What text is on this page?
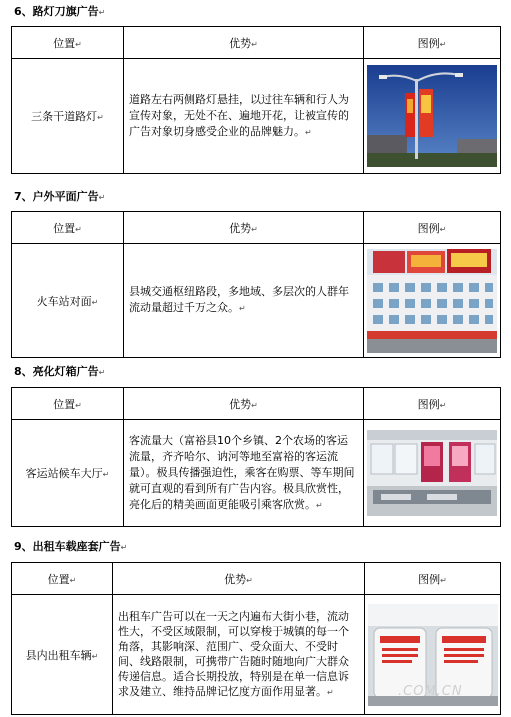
6、路灯刀旗广告↵
位置↵	优势↵	图例↵
三条干道路灯↵	道路左右两侧路灯悬挂，以过往车辆和行人为宣传对象，无处不在、遍地开花，让被宣传的广告对象切身感受企业的品牌魅力。↵	
7、户外平面广告↵
位置↵	优势↵	图例↵
火车站对面↵	县城交通枢纽路段，多地域、多层次的人群年流动量超过千万之众。↵	
8、亮化灯箱广告↵
位置↵	优势↵	图例↵
客运站候车大厅↵	客流量大（富裕县10个乡镇、2个农场的客运流量，齐齐哈尔、讷河等地至富裕的客运流量）。极具传播强迫性，乘客在购票、等车期间就可直观的看到所有广告内容。极具欣赏性，亮化后的精美画面更能吸引乘客欣赏。↵	
9、出租车载座套广告↵
位置↵	优势↵	图例↵
县内出租车辆↵	出租车广告可以在一天之内遍布大街小巷，流动性大，不受区域限制，可以穿梭于城镇的每一个角落，其影响深、范围广、受众面大、不受时间、线路限制，可携带广告随时随地向广大群众传递信息。适合长期投放，特别是在单一信息诉求及建立、维持品牌记忆度方面作用显著。↵		.COM.CN
